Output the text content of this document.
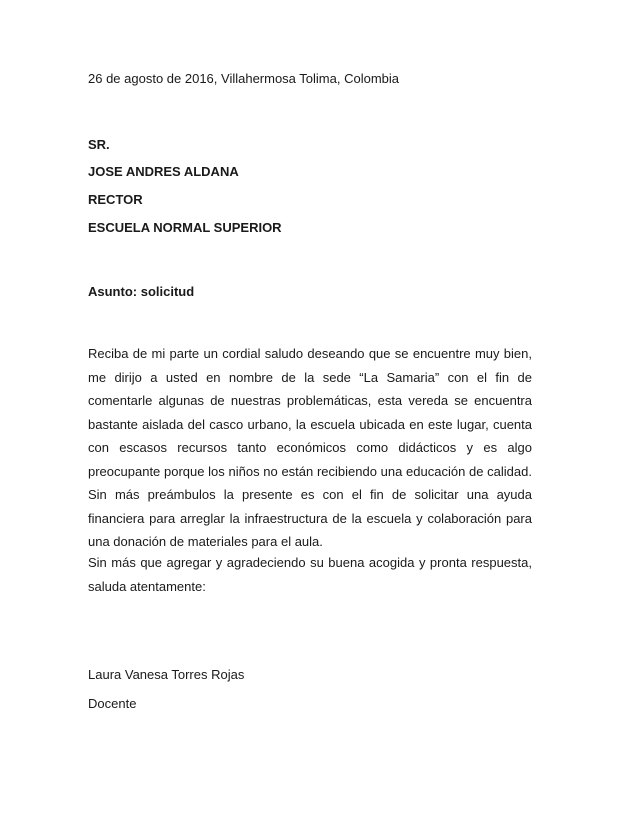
26 de agosto de 2016, Villahermosa Tolima, Colombia
SR.
JOSE ANDRES ALDANA
RECTOR
ESCUELA NORMAL SUPERIOR
Asunto: solicitud

Reciba de mi parte un cordial saludo deseando que se encuentre muy bien, me dirijo a usted en nombre de la sede “La Samaria” con el fin de comentarle algunas de nuestras problemáticas, esta vereda se encuentra bastante aislada del casco urbano, la escuela ubicada en este lugar, cuenta con escasos recursos tanto económicos como didácticos y es algo preocupante porque los niños no están recibiendo una educación de calidad. Sin más preámbulos la presente es con el fin de solicitar una ayuda financiera para arreglar la infraestructura de la escuela y colaboración para una donación de materiales para el aula.

Sin más que agregar y agradeciendo su buena acogida y pronta respuesta, saluda atentamente:

Laura Vanesa Torres Rojas
Docente
